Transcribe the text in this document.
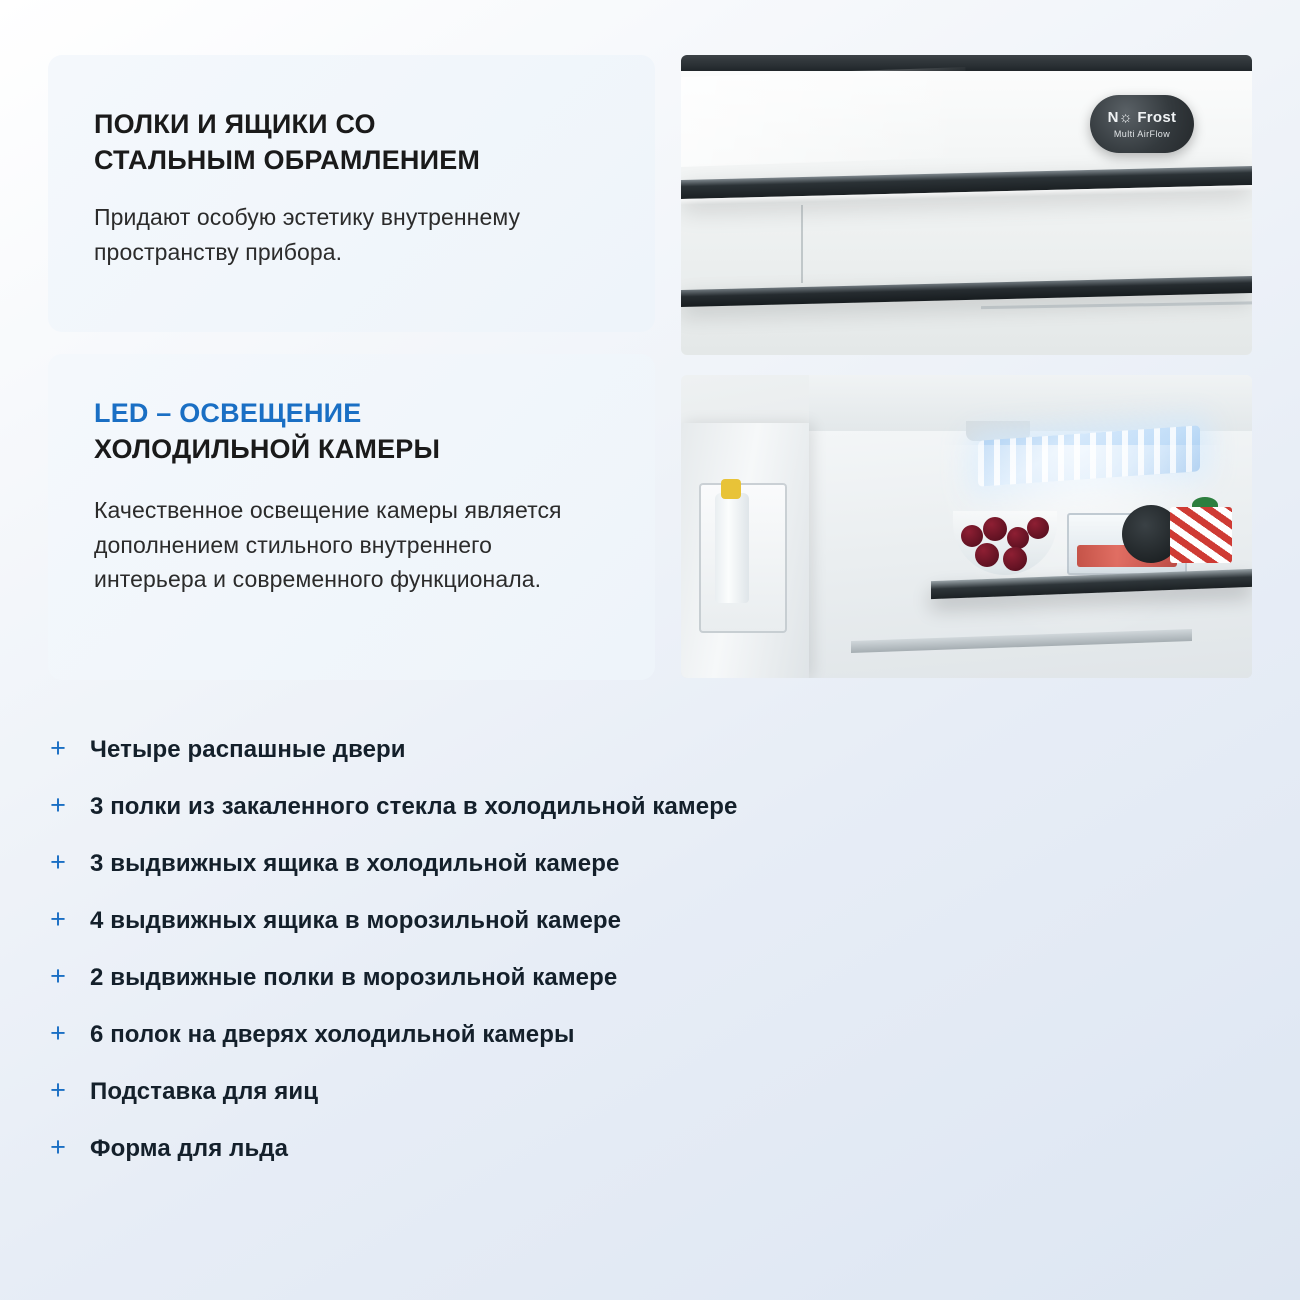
ПОЛКИ И ЯЩИКИ СО
СТАЛЬНЫМ ОБРАМЛЕНИЕМ
Придают особую эстетику внутреннему пространству прибора.
LED – ОСВЕЩЕНИЕ
ХОЛОДИЛЬНОЙ КАМЕРЫ
Качественное освещение камеры является дополнением стильного внутреннего интерьера и современного функционала.
N☼ Frost
Multi AirFlow
+ Четыре распашные двери
+ 3 полки из закаленного стекла в холодильной камере
+ 3 выдвижных ящика в холодильной камере
+ 4 выдвижных ящика в морозильной камере
+ 2 выдвижные полки в морозильной камере
+ 6 полок на дверях холодильной камеры
+ Подставка для яиц
+ Форма для льда
